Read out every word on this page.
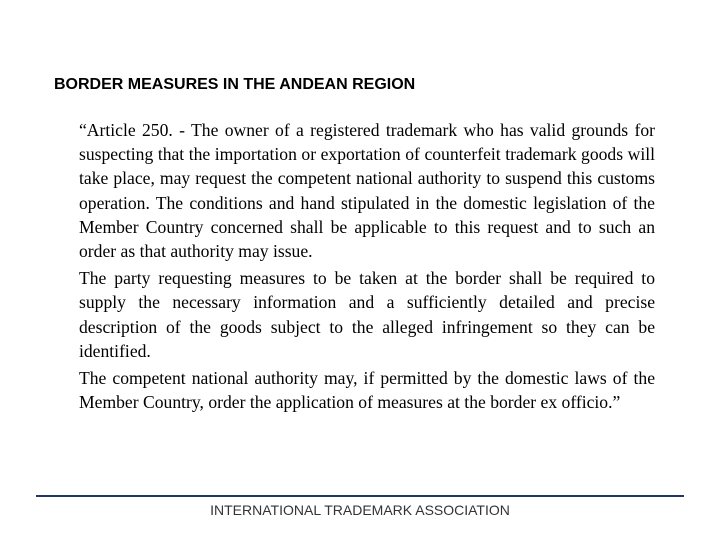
BORDER MEASURES IN THE ANDEAN REGION

“Article 250. - The owner of a registered trademark who has valid grounds for suspecting that the importation or exportation of counterfeit trademark goods will take place, may request the competent national authority to suspend this customs operation. The conditions and hand stipulated in the domestic legislation of the Member Country concerned shall be applicable to this request and to such an order as that authority may issue.

The party requesting measures to be taken at the border shall be required to supply the necessary information and a sufficiently detailed and precise description of the goods subject to the alleged infringement so they can be identified.

The competent national authority may, if permitted by the domestic laws of the Member Country, order the application of measures at the border ex officio.”

INTERNATIONAL TRADEMARK ASSOCIATION
